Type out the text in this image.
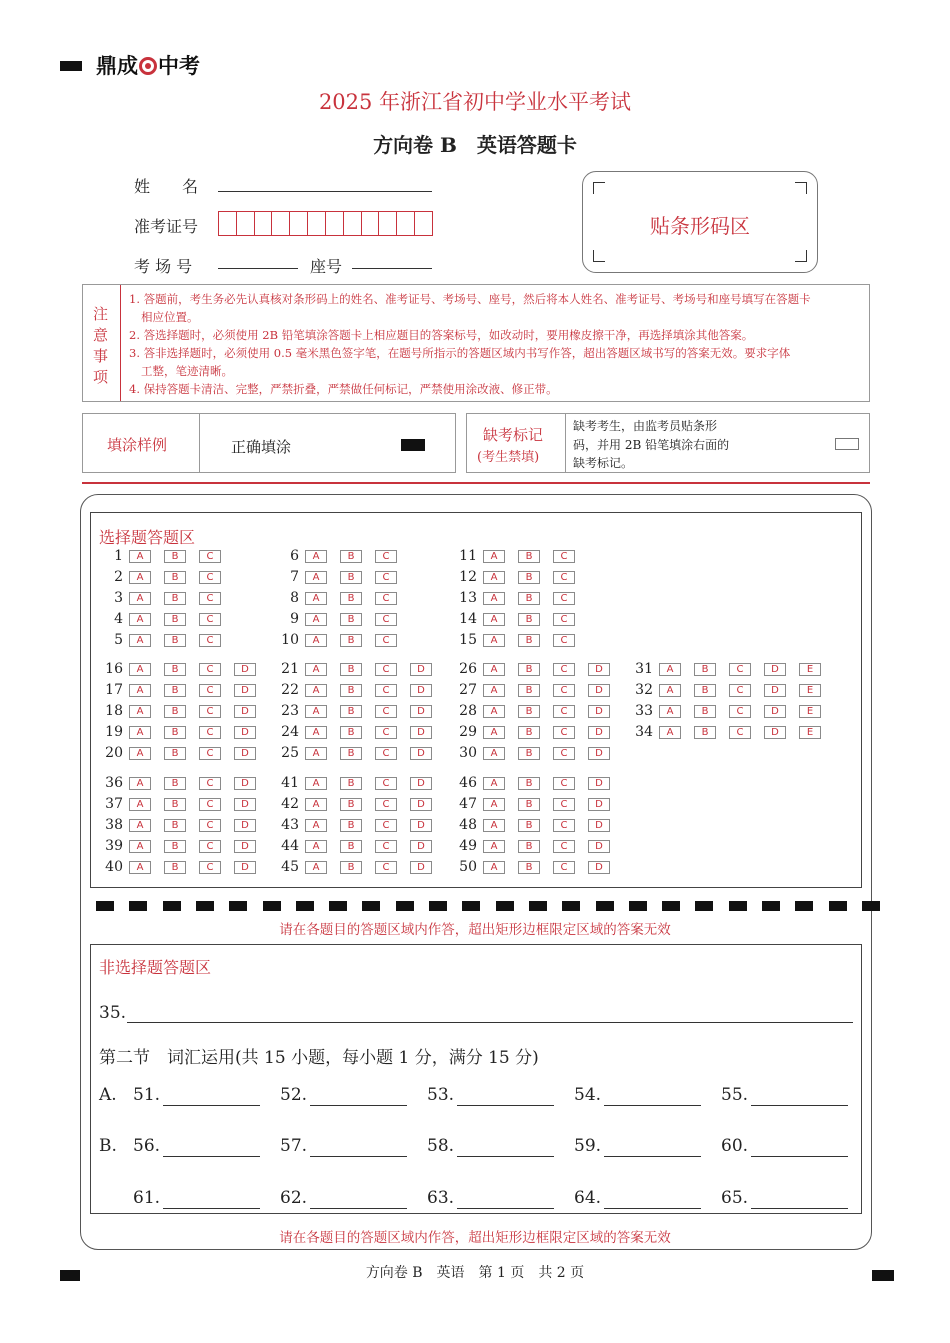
鼎成 中考
2025 年浙江省初中学业水平考试
方向卷 B　英语答题卡
姓　　名
准考证号
考 场 号	座号
贴条形码区
注
意
事
项
1. 答题前，考生务必先认真核对条形码上的姓名、准考证号、考场号、座号，然后将本人姓名、准考证号、考场号和座号填写在答题卡
相应位置。
2. 答选择题时，必须使用 2B 铅笔填涂答题卡上相应题目的答案标号，如改动时，要用橡皮擦干净，再选择填涂其他答案。
3. 答非选择题时，必须使用 0.5 毫米黑色签字笔，在题号所指示的答题区域内书写作答，超出答题区域书写的答案无效。要求字体
工整，笔迹清晰。
4. 保持答题卡清洁、完整，严禁折叠，严禁做任何标记，严禁使用涂改液、修正带。
填涂样例	正确填涂
缺考标记
(考生禁填)
缺考考生，由监考员贴条形
码，并用 2B 铅笔填涂右面的
缺考标记。
选择题答题区
1	A	B	C
2	A	B	C
3	A	B	C
4	A	B	C
5	A	B	C
6	A	B	C
7	A	B	C
8	A	B	C
9	A	B	C
10	A	B	C
11	A	B	C
12	A	B	C
13	A	B	C
14	A	B	C
15	A	B	C
16	A	B	C	D
17	A	B	C	D
18	A	B	C	D
19	A	B	C	D
20	A	B	C	D
21	A	B	C	D
22	A	B	C	D
23	A	B	C	D
24	A	B	C	D
25	A	B	C	D
26	A	B	C	D
27	A	B	C	D
28	A	B	C	D
29	A	B	C	D
30	A	B	C	D
31	A	B	C	D	E
32	A	B	C	D	E
33	A	B	C	D	E
34	A	B	C	D	E
36	A	B	C	D
37	A	B	C	D
38	A	B	C	D
39	A	B	C	D
40	A	B	C	D
41	A	B	C	D
42	A	B	C	D
43	A	B	C	D
44	A	B	C	D
45	A	B	C	D
46	A	B	C	D
47	A	B	C	D
48	A	B	C	D
49	A	B	C	D
50	A	B	C	D
请在各题目的答题区域内作答，超出矩形边框限定区域的答案无效
非选择题答题区
35.
第二节　词汇运用(共 15 小题，每小题 1 分，满分 15 分)
A.
B.
51.	52.	53.	54.	55.
56.	57.	58.	59.	60.
61.	62.	63.	64.	65.
请在各题目的答题区域内作答，超出矩形边框限定区域的答案无效
方向卷 B　英语　第 1 页　共 2 页
